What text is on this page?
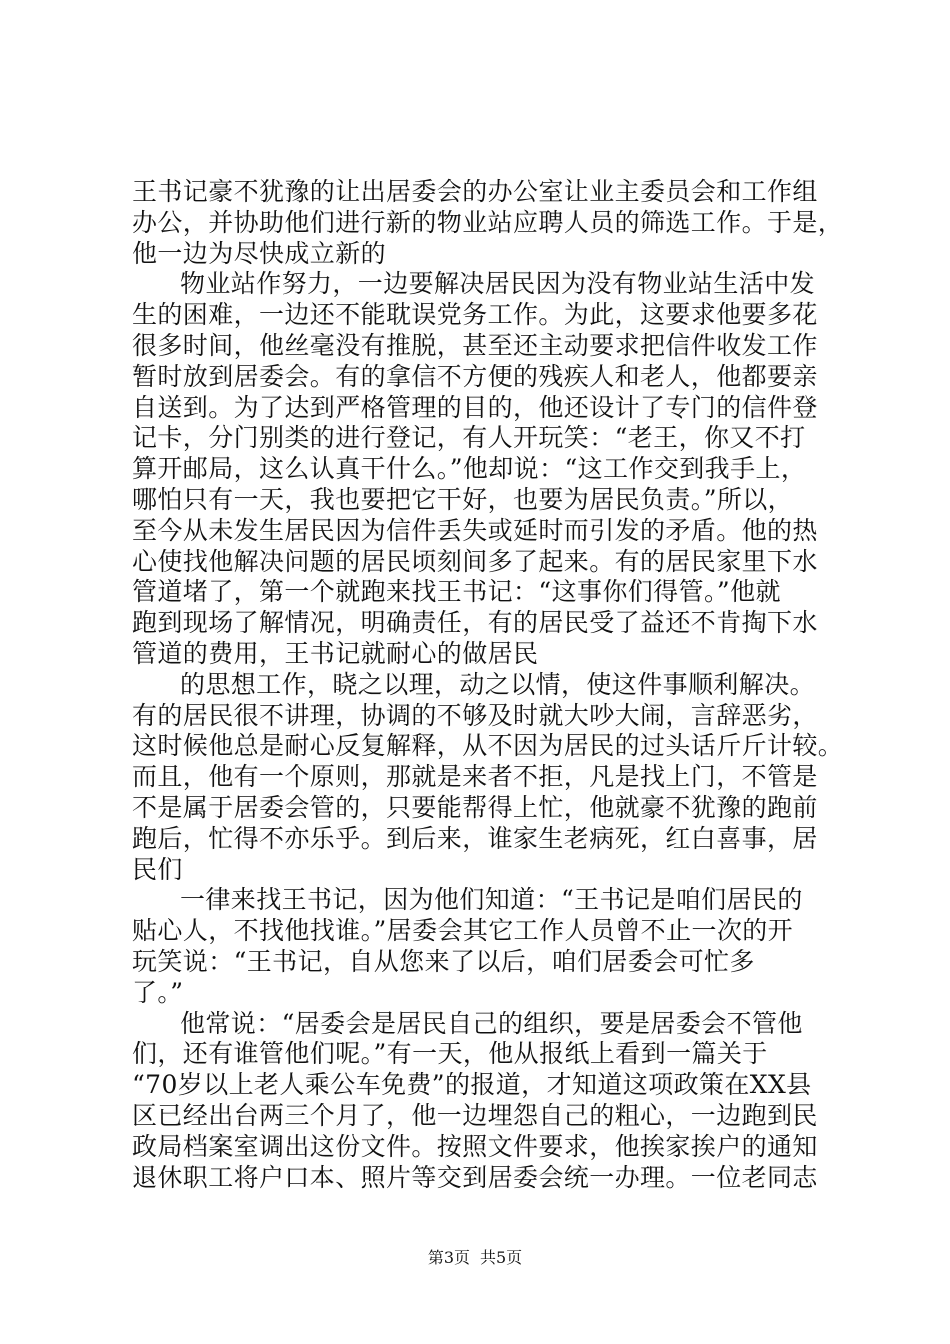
王书记豪不犹豫的让出居委会的办公室让业主委员会和工作组
办公，并协助他们进行新的物业站应聘人员的筛选工作。于是，
他一边为尽快成立新的
物业站作努力，一边要解决居民因为没有物业站生活中发
生的困难，一边还不能耽误党务工作。为此，这要求他要多花
很多时间，他丝毫没有推脱，甚至还主动要求把信件收发工作
暂时放到居委会。有的拿信不方便的残疾人和老人，他都要亲
自送到。为了达到严格管理的目的，他还设计了专门的信件登
记卡，分门别类的进行登记，有人开玩笑：“老王，你又不打
算开邮局，这么认真干什么。”他却说：“这工作交到我手上，
哪怕只有一天，我也要把它干好，也要为居民负责。”所以，
至今从未发生居民因为信件丢失或延时而引发的矛盾。他的热
心使找他解决问题的居民顷刻间多了起来。有的居民家里下水
管道堵了，第一个就跑来找王书记：“这事你们得管。”他就
跑到现场了解情况，明确责任，有的居民受了益还不肯掏下水
管道的费用，王书记就耐心的做居民
的思想工作，晓之以理，动之以情，使这件事顺利解决。
有的居民很不讲理，协调的不够及时就大吵大闹，言辞恶劣，
这时候他总是耐心反复解释，从不因为居民的过头话斤斤计较。
而且，他有一个原则，那就是来者不拒，凡是找上门，不管是
不是属于居委会管的，只要能帮得上忙，他就豪不犹豫的跑前
跑后，忙得不亦乐乎。到后来，谁家生老病死，红白喜事，居
民们
一律来找王书记，因为他们知道：“王书记是咱们居民的
贴心人，不找他找谁。”居委会其它工作人员曾不止一次的开
玩笑说：“王书记，自从您来了以后，咱们居委会可忙多
了。”
他常说：“居委会是居民自己的组织，要是居委会不管他
们，还有谁管他们呢。”有一天，他从报纸上看到一篇关于
“70岁以上老人乘公车免费”的报道，才知道这项政策在XX县
区已经出台两三个月了，他一边埋怨自己的粗心，一边跑到民
政局档案室调出这份文件。按照文件要求，他挨家挨户的通知
退休职工将户口本、照片等交到居委会统一办理。一位老同志
第3页 共5页
